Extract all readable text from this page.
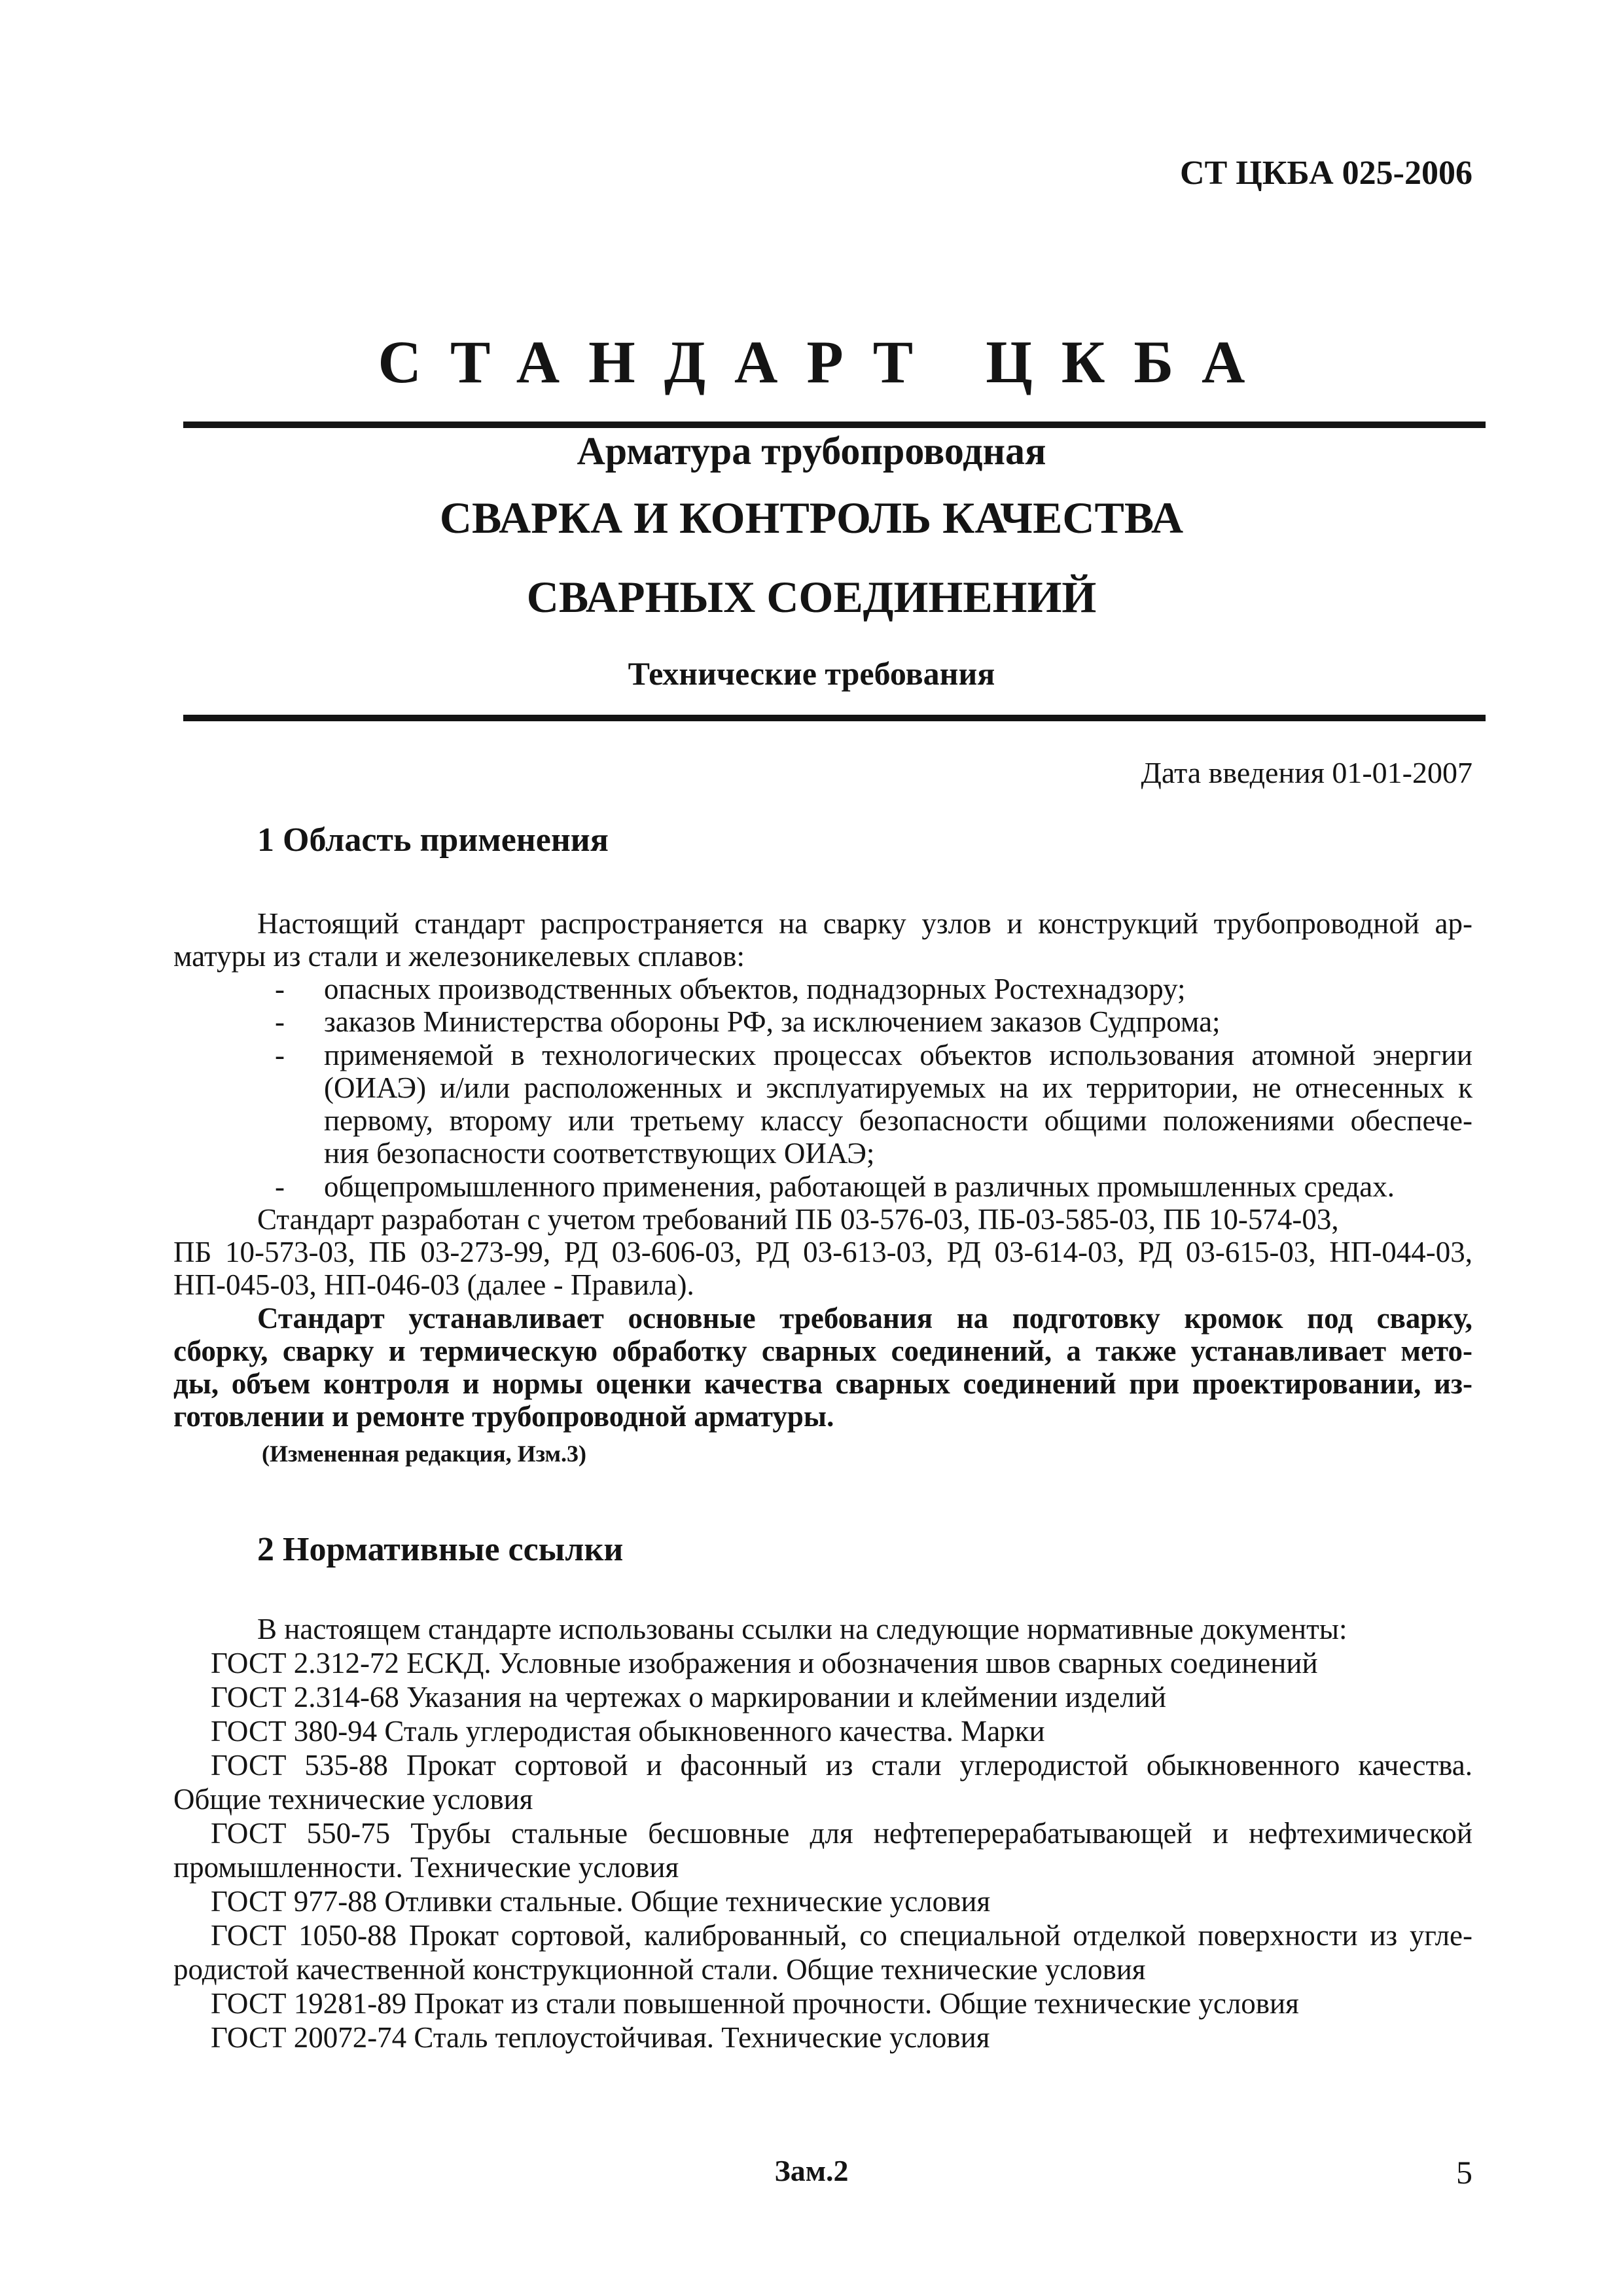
СТ ЦКБА 025-2006
СТАНДАРТ ЦКБА
Арматура трубопроводная
СВАРКА И КОНТРОЛЬ КАЧЕСТВА
СВАРНЫХ СОЕДИНЕНИЙ
Технические требования
Дата введения 01-01-2007
1 Область применения
Настоящий стандарт распространяется на сварку узлов и конструкций трубопроводной ар-
матуры из стали и железоникелевых сплавов:
- опасных производственных объектов, поднадзорных Ростехнадзору;
- заказов Министерства обороны РФ, за исключением заказов Судпрома;
- применяемой в технологических процессах объектов использования атомной энергии
(ОИАЭ) и/или расположенных и эксплуатируемых на их территории, не отнесенных к
первому, второму или третьему классу безопасности общими положениями обеспече-
ния безопасности соответствующих ОИАЭ;
- общепромышленного применения, работающей в различных промышленных средах.
Стандарт разработан с учетом требований ПБ 03-576-03, ПБ-03-585-03, ПБ 10-574-03,
ПБ 10-573-03, ПБ 03-273-99, РД 03-606-03, РД 03-613-03, РД 03-614-03, РД 03-615-03, НП-044-03,
НП-045-03, НП-046-03 (далее - Правила).
Стандарт устанавливает основные требования на подготовку кромок под сварку,
сборку, сварку и термическую обработку сварных соединений, а также устанавливает мето-
ды, объем контроля и нормы оценки качества сварных соединений при проектировании, из-
готовлении и ремонте трубопроводной арматуры.
(Измененная редакция, Изм.3)
2 Нормативные ссылки
В настоящем стандарте использованы ссылки на следующие нормативные документы:
ГОСТ 2.312-72 ЕСКД. Условные изображения и обозначения швов сварных соединений
ГОСТ 2.314-68 Указания на чертежах о маркировании и клеймении изделий
ГОСТ 380-94 Сталь углеродистая обыкновенного качества. Марки
ГОСТ 535-88 Прокат сортовой и фасонный из стали углеродистой обыкновенного качества.
Общие технические условия
ГОСТ 550-75 Трубы стальные бесшовные для нефтеперерабатывающей и нефтехимической
промышленности. Технические условия
ГОСТ 977-88 Отливки стальные. Общие технические условия
ГОСТ 1050-88 Прокат сортовой, калиброванный, со специальной отделкой поверхности из угле-
родистой качественной конструкционной стали. Общие технические условия
ГОСТ 19281-89 Прокат из стали повышенной прочности. Общие технические условия
ГОСТ 20072-74 Сталь теплоустойчивая. Технические условия
Зам.2	5
